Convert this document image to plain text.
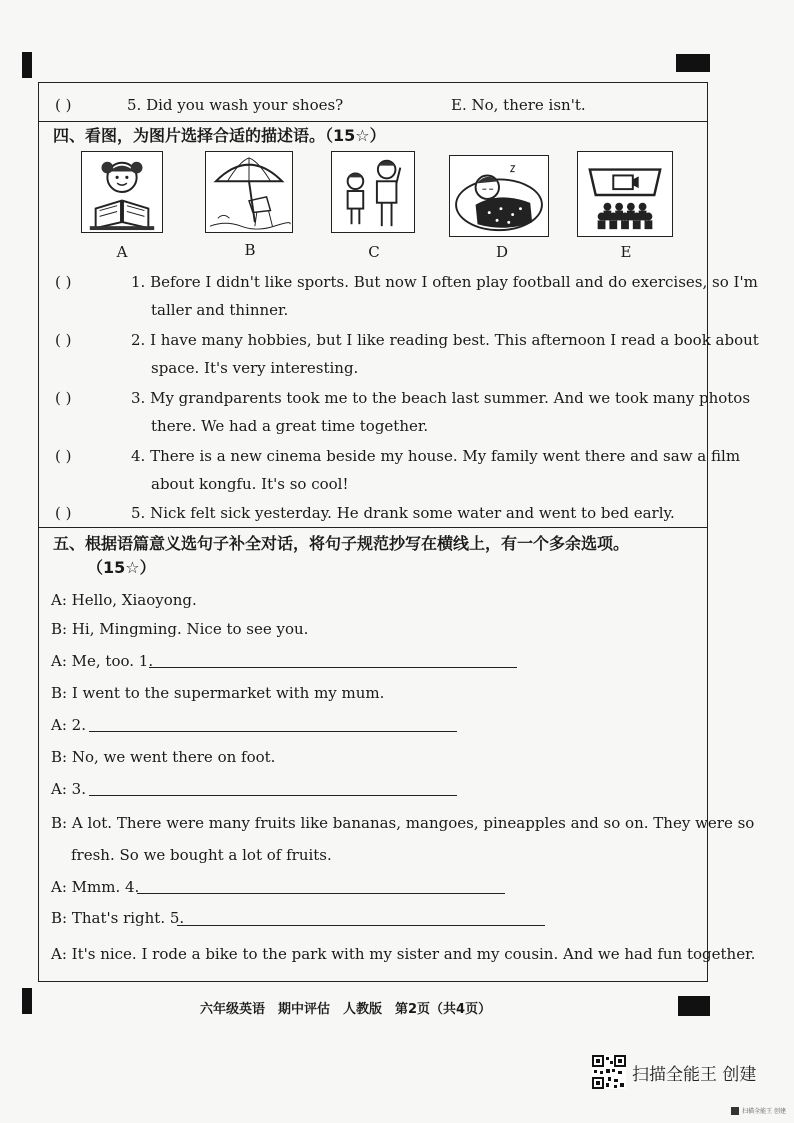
( )	5. Did you wash your shoes?	E. No, there isn't.
四、看图，为图片选择合适的描述语。（15☆）
A	B	C	D	E
( )	1. Before I didn't like sports. But now I often play football and do exercises, so I'm
taller and thinner.
( )	2. I have many hobbies, but I like reading best. This afternoon I read a book about
space. It's very interesting.
( )	3. My grandparents took me to the beach last summer. And we took many photos
there. We had a great time together.
( )	4. There is a new cinema beside my house. My family went there and saw a film
about kongfu. It's so cool!
( )	5. Nick felt sick yesterday. He drank some water and went to bed early.
五、根据语篇意义选句子补全对话，将句子规范抄写在横线上，有一个多余选项。
（15☆）
A: Hello, Xiaoyong.
B: Hi, Mingming. Nice to see you.
A: Me, too. 1.
B: I went to the supermarket with my mum.
A: 2.
B: No, we went there on foot.
A: 3.
B: A lot. There were many fruits like bananas, mangoes, pineapples and so on. They were so
fresh. So we bought a lot of fruits.
A: Mmm. 4.
B: That's right. 5.
A: It's nice. I rode a bike to the park with my sister and my cousin. And we had fun together.
六年级英语　期中评估　人教版　第2页（共4页）
扫描全能王 创建
扫描全能王 创建
